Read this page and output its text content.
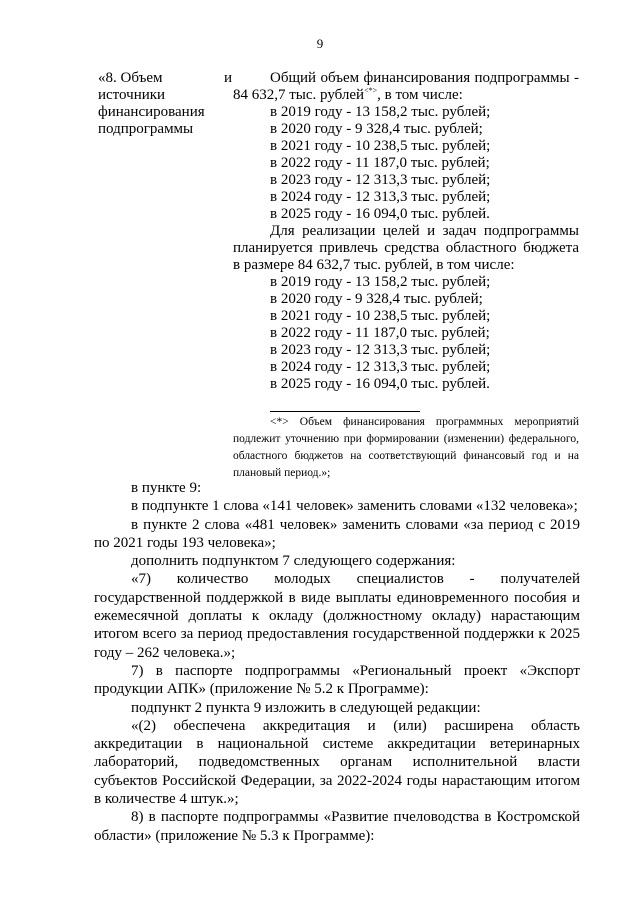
9
«8. Объем	и
источники
финансирования
подпрограммы
Общий объем финансирования подпрограммы - 84 632,7 тыс. рублей<*>, в том числе:
в 2019 году - 13 158,2 тыс. рублей;
в 2020 году - 9 328,4 тыс. рублей;
в 2021 году - 10 238,5 тыс. рублей;
в 2022 году - 11 187,0 тыс. рублей;
в 2023 году - 12 313,3 тыс. рублей;
в 2024 году - 12 313,3 тыс. рублей;
в 2025 году - 16 094,0 тыс. рублей.
Для реализации целей и задач подпрограммы планируется привлечь средства областного бюджета в размере 84 632,7 тыс. рублей, в том числе:
в 2019 году - 13 158,2 тыс. рублей;
в 2020 году - 9 328,4 тыс. рублей;
в 2021 году - 10 238,5 тыс. рублей;
в 2022 году - 11 187,0 тыс. рублей;
в 2023 году - 12 313,3 тыс. рублей;
в 2024 году - 12 313,3 тыс. рублей;
в 2025 году - 16 094,0 тыс. рублей.
<*> Объем финансирования программных мероприятий подлежит уточнению при формировании (изменении) федерального, областного бюджетов на соответствующий финансовый год и на плановый период.»;

в пункте 9:

в подпункте 1 слова «141 человек» заменить словами «132 человека»;

в пункте 2 слова «481 человек» заменить словами «за период с 2019 по 2021 годы 193 человека»;

дополнить подпунктом 7 следующего содержания:

«7) количество молодых специалистов - получателей государственной поддержкой в виде выплаты единовременного пособия и ежемесячной доплаты к окладу (должностному окладу) нарастающим итогом всего за период предоставления государственной поддержки к 2025 году – 262 человека.»;

7) в паспорте подпрограммы «Региональный проект «Экспорт продукции АПК» (приложение № 5.2 к Программе):

подпункт 2 пункта 9 изложить в следующей редакции:

«(2) обеспечена аккредитация и (или) расширена область аккредитации в национальной системе аккредитации ветеринарных лабораторий, подведомственных органам исполнительной власти субъектов Российской Федерации, за 2022-2024 годы нарастающим итогом в количестве 4 штук.»;

8) в паспорте подпрограммы «Развитие пчеловодства в Костромской области» (приложение № 5.3 к Программе):
